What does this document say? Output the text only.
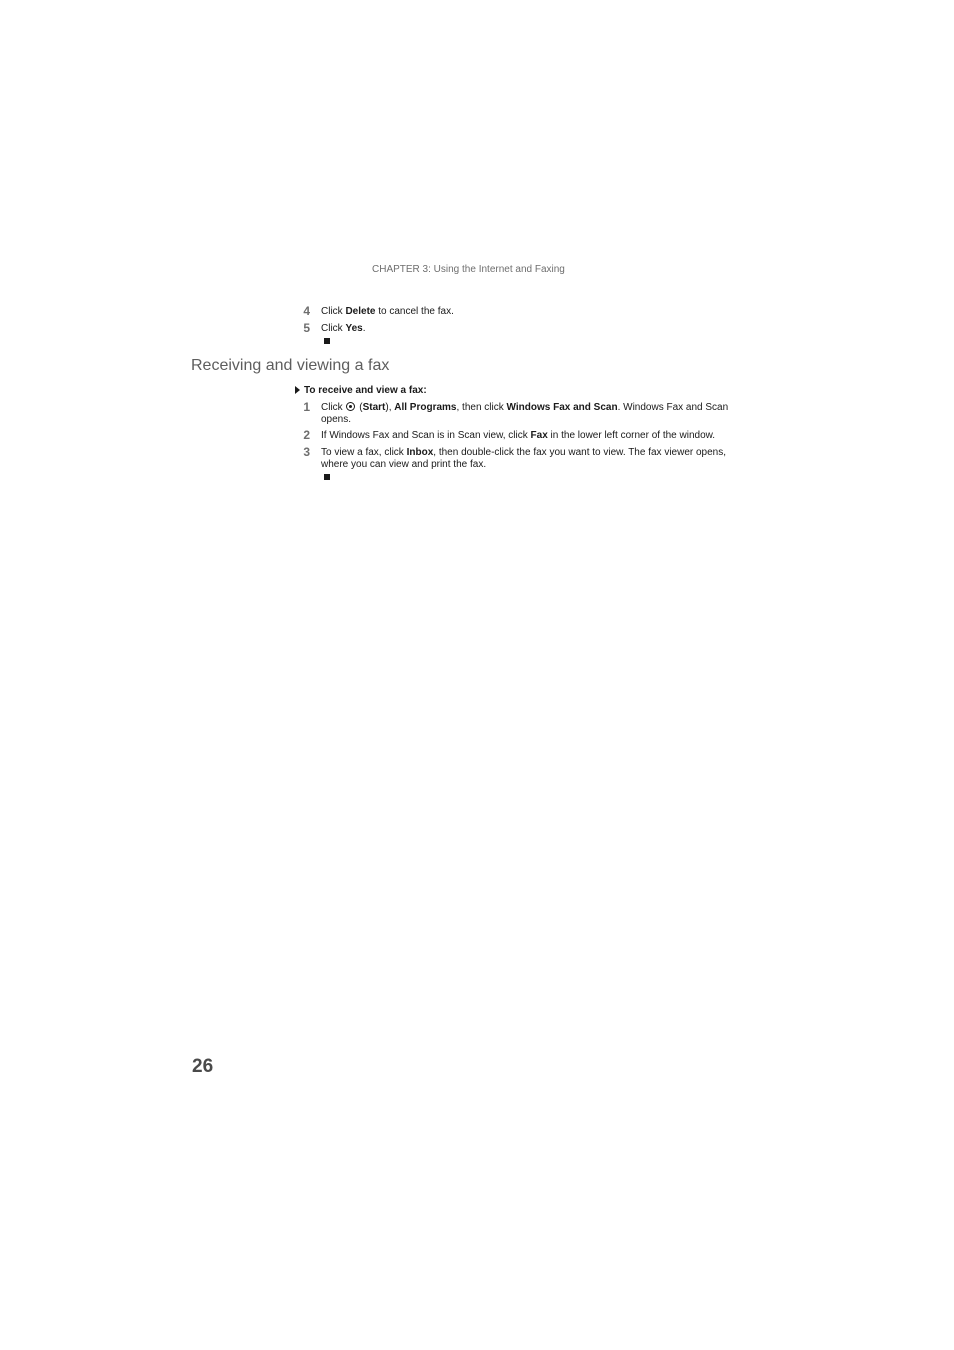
CHAPTER 3: Using the Internet and Faxing
4 Click Delete to cancel the fax.
5 Click Yes.
Receiving and viewing a fax
To receive and view a fax:
1 Click  (Start), All Programs, then click Windows Fax and Scan. Windows Fax and Scan opens.
2 If Windows Fax and Scan is in Scan view, click Fax in the lower left corner of the window.
3 To view a fax, click Inbox, then double-click the fax you want to view. The fax viewer opens, where you can view and print the fax.
26
